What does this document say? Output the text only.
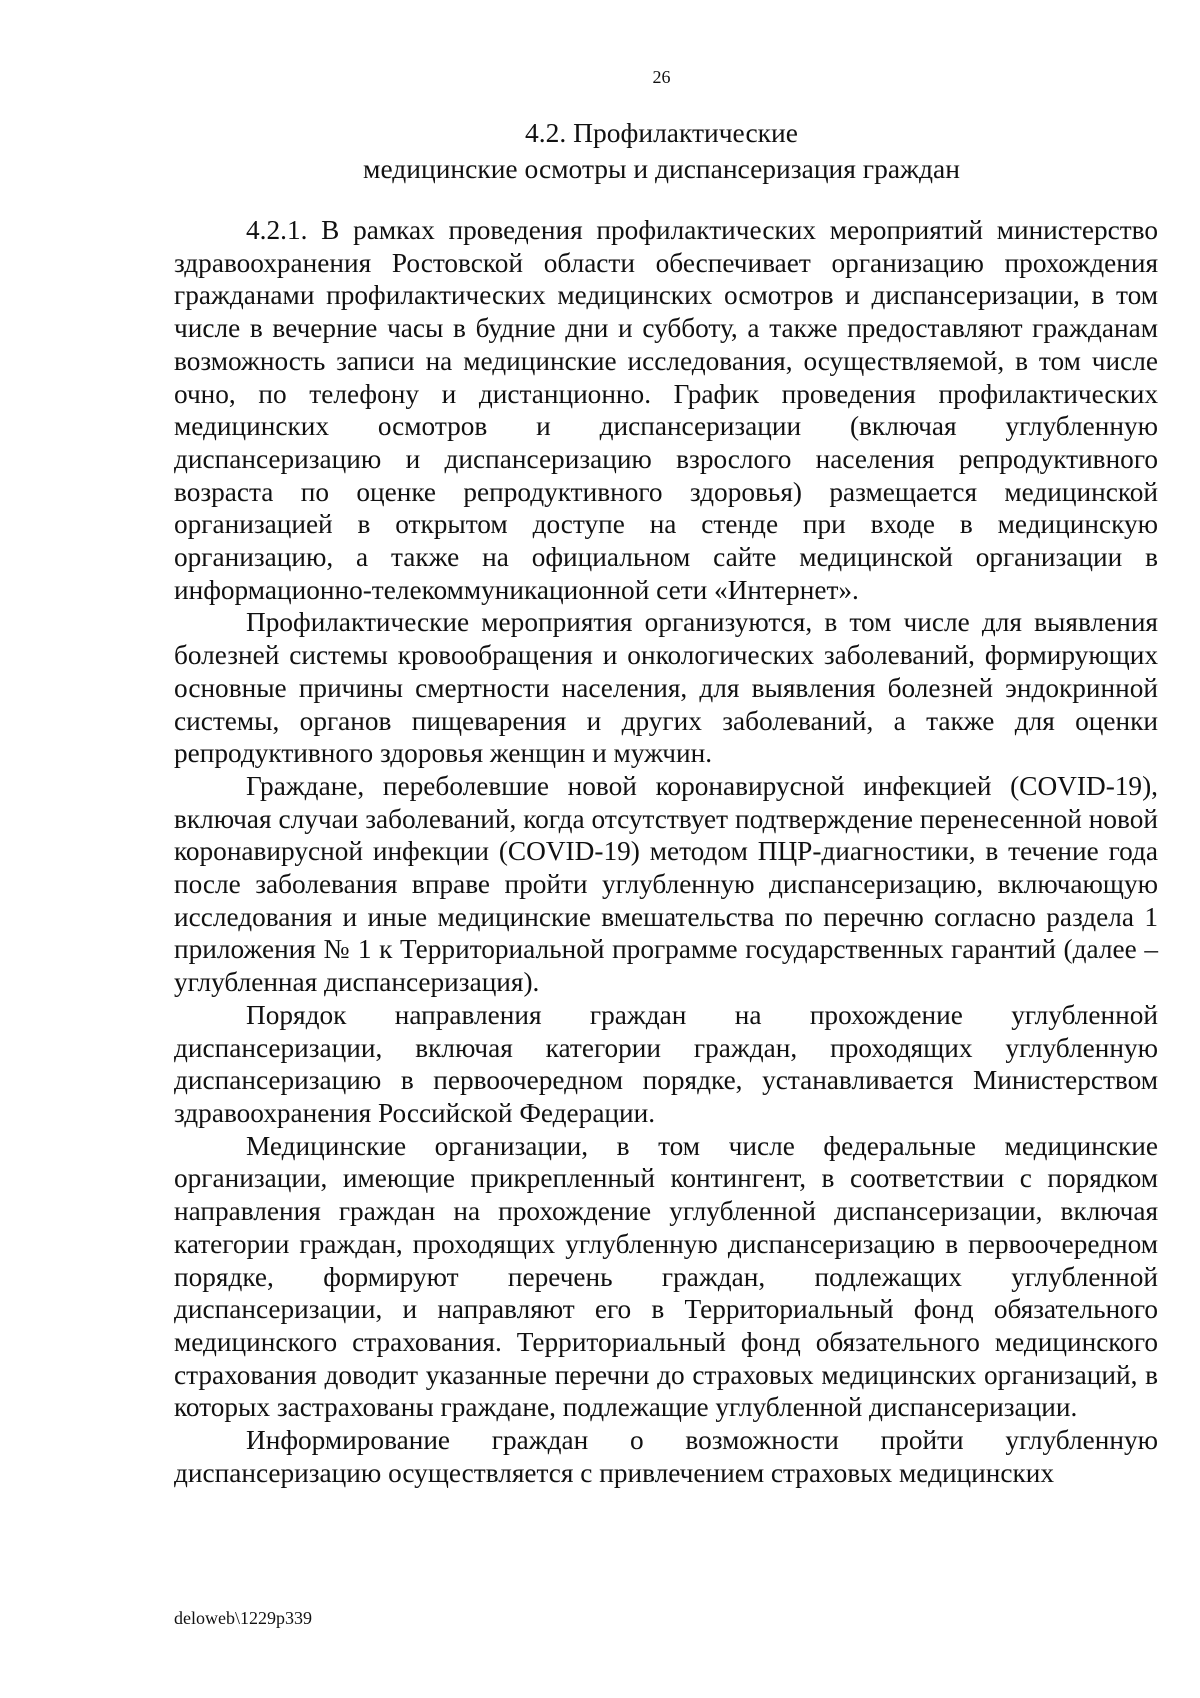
26
4.2. Профилактические
медицинские осмотры и диспансеризация граждан

4.2.1. В рамках проведения профилактических мероприятий министерство здравоохранения Ростовской области обеспечивает организацию прохождения гражданами профилактических медицинских осмотров и диспансеризации, в том числе в вечерние часы в будние дни и субботу, а также предоставляют гражданам возможность записи на медицинские исследования, осуществляемой, в том числе очно, по телефону и дистанционно. График проведения профилактических медицинских осмотров и диспансеризации (включая углубленную диспансеризацию и диспансеризацию взрослого населения репродуктивного возраста по оценке репродуктивного здоровья) размещается медицинской организацией в открытом доступе на стенде при входе в медицинскую организацию, а также на официальном сайте медицинской организации в информационно-телекоммуникационной сети «Интернет».

Профилактические мероприятия организуются, в том числе для выявления болезней системы кровообращения и онкологических заболеваний, формирующих основные причины смертности населения, для выявления болезней эндокринной системы, органов пищеварения и других заболеваний, а также для оценки репродуктивного здоровья женщин и мужчин.

Граждане, переболевшие новой коронавирусной инфекцией (COVID-19), включая случаи заболеваний, когда отсутствует подтверждение перенесенной новой коронавирусной инфекции (COVID-19) методом ПЦР-диагностики, в течение года после заболевания вправе пройти углубленную диспансеризацию, включающую исследования и иные медицинские вмешательства по перечню согласно раздела 1 приложения № 1 к Территориальной программе государственных гарантий (далее – углубленная диспансеризация).

Порядок направления граждан на прохождение углубленной диспансеризации, включая категории граждан, проходящих углубленную диспансеризацию в первоочередном порядке, устанавливается Министерством здравоохранения Российской Федерации.

Медицинские организации, в том числе федеральные медицинские организации, имеющие прикрепленный контингент, в соответствии с порядком направления граждан на прохождение углубленной диспансеризации, включая категории граждан, проходящих углубленную диспансеризацию в первоочередном порядке, формируют перечень граждан, подлежащих углубленной диспансеризации, и направляют его в Территориальный фонд обязательного медицинского страхования. Территориальный фонд обязательного медицинского страхования доводит указанные перечни до страховых медицинских организаций, в которых застрахованы граждане, подлежащие углубленной диспансеризации.

Информирование граждан о возможности пройти углубленную диспансеризацию осуществляется с привлечением страховых медицинских

deloweb\1229p339
